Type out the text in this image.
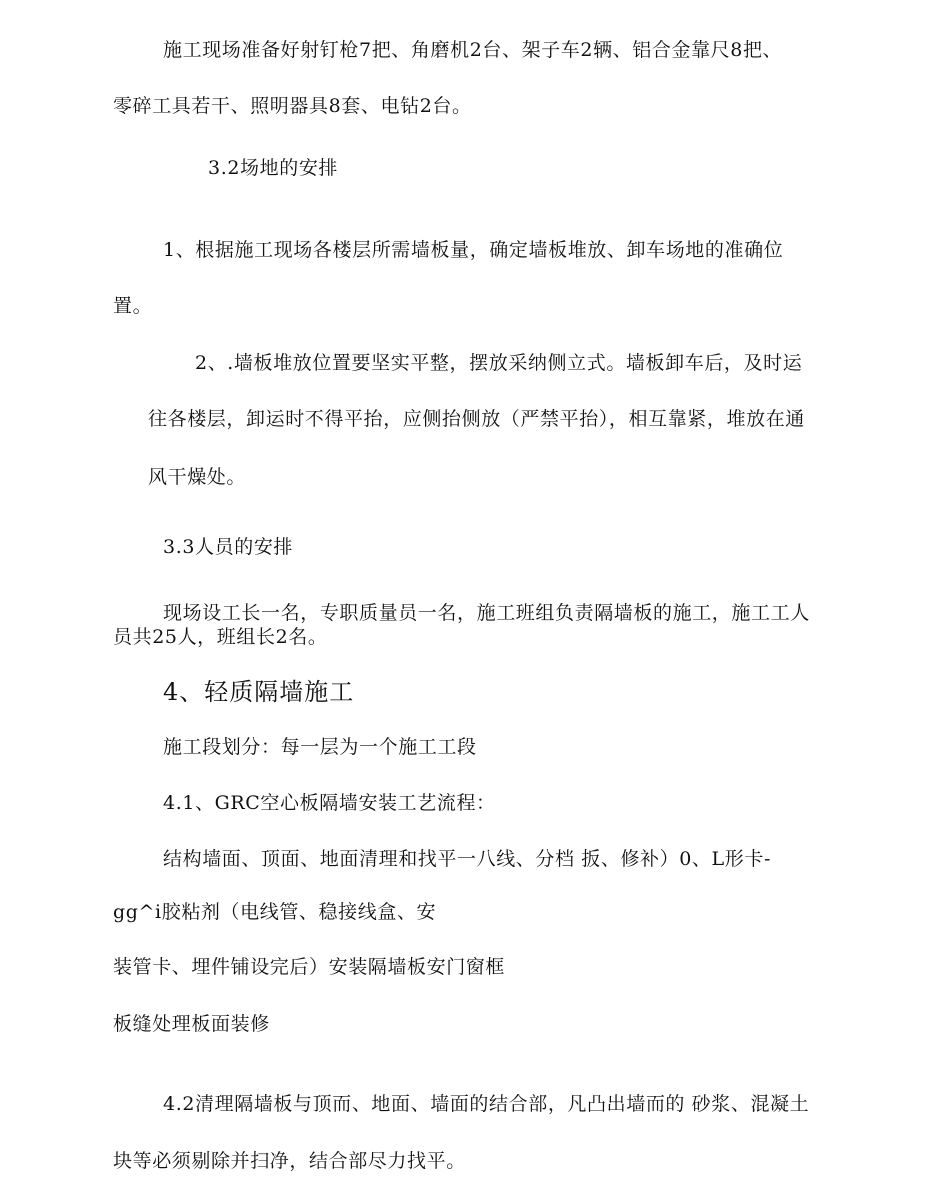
施工现场准备好射钉枪7把、角磨机2台、架子车2辆、铝合金靠尺8把、
零碎工具若干、照明器具8套、电钻2台。
3.2场地的安排
1、根据施工现场各楼层所需墙板量，确定墙板堆放、卸车场地的准确位
置。
2、.墙板堆放位置要坚实平整，摆放采纳侧立式。墙板卸车后，及时运
往各楼层，卸运时不得平抬，应侧抬侧放（严禁平抬），相互靠紧，堆放在通
风干燥处。
3.3人员的安排
现场设工长一名，专职质量员一名，施工班组负责隔墙板的施工，施工工人
员共25人，班组长2名。
4、轻质隔墙施工
施工段划分：每一层为一个施工工段
4.1、GRC空心板隔墙安装工艺流程：
结构墙面、顶面、地面清理和找平一八线、分档 扳、修补）0、L形卡-
gg^i胶粘剂（电线管、稳接线盒、安
装管卡、埋件铺设完后）安装隔墙板安门窗框
板缝处理板面装修
4.2清理隔墙板与顶而、地面、墙面的结合部，凡凸出墙而的 砂浆、混凝土
块等必须剔除并扫净，结合部尽力找平。
